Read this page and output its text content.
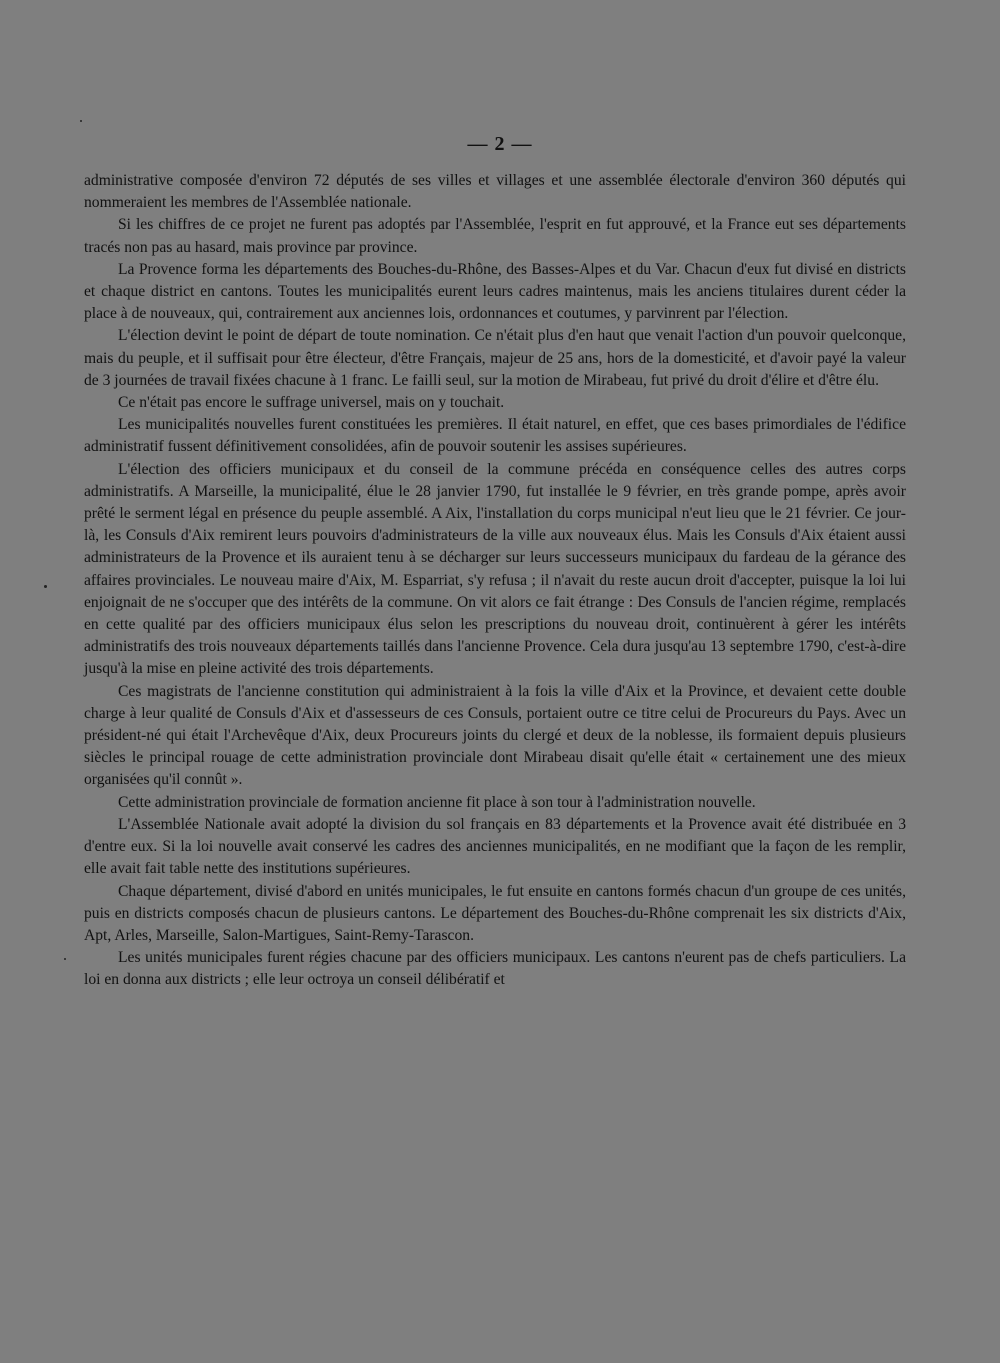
— 2 —

administrative composée d'environ 72 députés de ses villes et villages et une assemblée électorale d'environ 360 députés qui nommeraient les membres de l'Assemblée nationale.

Si les chiffres de ce projet ne furent pas adoptés par l'Assemblée, l'esprit en fut approuvé, et la France eut ses départements tracés non pas au hasard, mais province par province.

La Provence forma les départements des Bouches-du-Rhône, des Basses-Alpes et du Var. Chacun d'eux fut divisé en districts et chaque district en cantons. Toutes les municipalités eurent leurs cadres maintenus, mais les anciens titulaires durent céder la place à de nouveaux, qui, contrairement aux anciennes lois, ordonnances et coutumes, y parvinrent par l'élection.

L'élection devint le point de départ de toute nomination. Ce n'était plus d'en haut que venait l'action d'un pouvoir quelconque, mais du peuple, et il suffisait pour être électeur, d'être Français, majeur de 25 ans, hors de la domesticité, et d'avoir payé la valeur de 3 journées de travail fixées chacune à 1 franc. Le failli seul, sur la motion de Mirabeau, fut privé du droit d'élire et d'être élu.

Ce n'était pas encore le suffrage universel, mais on y touchait.

Les municipalités nouvelles furent constituées les premières. Il était naturel, en effet, que ces bases primordiales de l'édifice administratif fussent définitivement consolidées, afin de pouvoir soutenir les assises supérieures.

L'élection des officiers municipaux et du conseil de la commune précéda en conséquence celles des autres corps administratifs. A Marseille, la municipalité, élue le 28 janvier 1790, fut installée le 9 février, en très grande pompe, après avoir prêté le serment légal en présence du peuple assemblé. A Aix, l'installation du corps municipal n'eut lieu que le 21 février. Ce jour-là, les Consuls d'Aix remirent leurs pouvoirs d'administrateurs de la ville aux nouveaux élus. Mais les Consuls d'Aix étaient aussi administrateurs de la Provence et ils auraient tenu à se décharger sur leurs successeurs municipaux du fardeau de la gérance des affaires provinciales. Le nouveau maire d'Aix, M. Esparriat, s'y refusa ; il n'avait du reste aucun droit d'accepter, puisque la loi lui enjoignait de ne s'occuper que des intérêts de la commune. On vit alors ce fait étrange : Des Consuls de l'ancien régime, remplacés en cette qualité par des officiers municipaux élus selon les prescriptions du nouveau droit, continuèrent à gérer les intérêts administratifs des trois nouveaux départements taillés dans l'ancienne Provence. Cela dura jusqu'au 13 septembre 1790, c'est-à-dire jusqu'à la mise en pleine activité des trois départements.

Ces magistrats de l'ancienne constitution qui administraient à la fois la ville d'Aix et la Province, et devaient cette double charge à leur qualité de Consuls d'Aix et d'assesseurs de ces Consuls, portaient outre ce titre celui de Procureurs du Pays. Avec un président-né qui était l'Archevêque d'Aix, deux Procureurs joints du clergé et deux de la noblesse, ils formaient depuis plusieurs siècles le principal rouage de cette administration provinciale dont Mirabeau disait qu'elle était « certainement une des mieux organisées qu'il connût ».

Cette administration provinciale de formation ancienne fit place à son tour à l'administration nouvelle.

L'Assemblée Nationale avait adopté la division du sol français en 83 départements et la Provence avait été distribuée en 3 d'entre eux. Si la loi nouvelle avait conservé les cadres des anciennes municipalités, en ne modifiant que la façon de les remplir, elle avait fait table nette des institutions supérieures.

Chaque département, divisé d'abord en unités municipales, le fut ensuite en cantons formés chacun d'un groupe de ces unités, puis en districts composés chacun de plusieurs cantons. Le département des Bouches-du-Rhône comprenait les six districts d'Aix, Apt, Arles, Marseille, Salon-Martigues, Saint-Remy-Tarascon.

Les unités municipales furent régies chacune par des officiers municipaux. Les cantons n'eurent pas de chefs particuliers. La loi en donna aux districts ; elle leur octroya un conseil délibératif et
